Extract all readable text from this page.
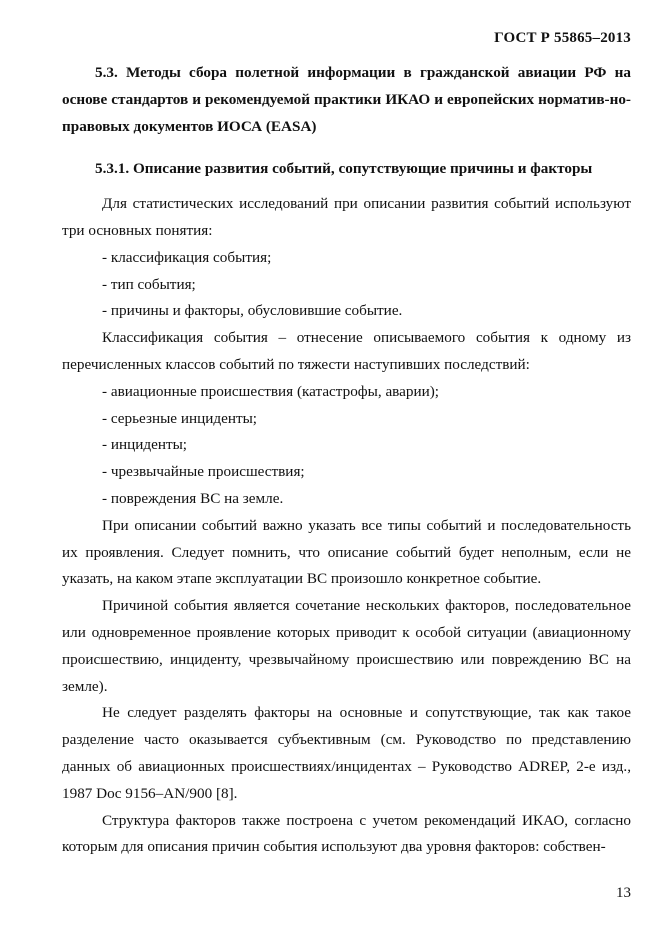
ГОСТ Р 55865–2013

5.3. Методы сбора полетной информации в гражданской авиации РФ на основе стандартов и рекомендуемой практики ИКАО и европейских норматив-но-правовых документов ИОСА (EASA)

5.3.1. Описание развития событий, сопутствующие причины и факторы

Для статистических исследований при описании развития событий используют три основных понятия:

- классификация события;

- тип события;

- причины и факторы, обусловившие событие.

Классификация события – отнесение описываемого события к одному из перечисленных классов событий по тяжести наступивших последствий:

- авиационные происшествия (катастрофы, аварии);

- серьезные инциденты;

- инциденты;

- чрезвычайные происшествия;

- повреждения ВС на земле.

При описании событий важно указать все типы событий и последовательность их проявления. Следует помнить, что описание событий будет неполным, если не указать, на каком этапе эксплуатации ВС произошло конкретное событие.

Причиной события является сочетание нескольких факторов, последовательное или одновременное проявление которых приводит к особой ситуации (авиационному происшествию, инциденту, чрезвычайному происшествию или повреждению ВС на земле).

Не следует разделять факторы на основные и сопутствующие, так как такое разделение часто оказывается субъективным (см. Руководство по представлению данных об авиационных происшествиях/инцидентах – Руководство ADREP, 2-е изд., 1987 Doc 9156–AN/900 [8].

Структура факторов также построена с учетом рекомендаций ИКАО, согласно которым для описания причин события используют два уровня факторов: собствен-

13
